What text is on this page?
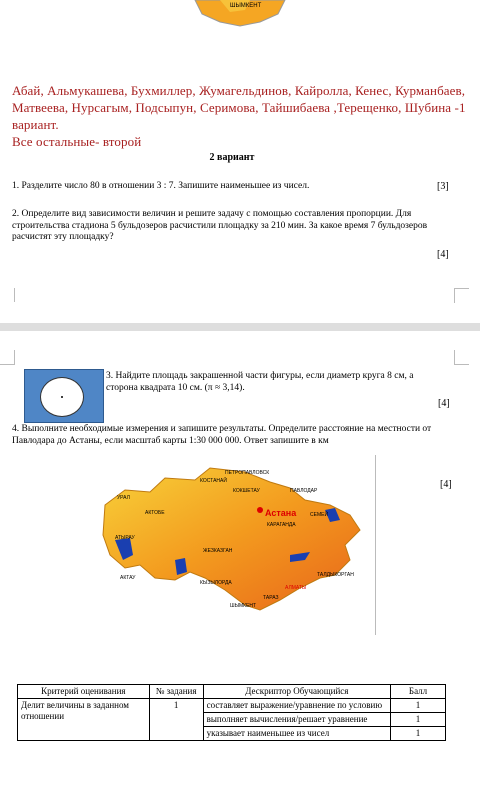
ШЫМКЕНТ
Абай, Альмукашева, Бухмиллер, Жумагельдинов, Кайролла, Кенес, Курманбаев, Матвеева, Нурсагым, Подсыпун, Серимова, Тайшибаева ,Терещенко, Шубина -1 вариант.
Все остальные- второй
2 вариант
1. Разделите число 80 в отношении 3 : 7. Запишите наименьшее из чисел.	[3]
2. Определите вид зависимости величин и решите задачу с помощью составления пропорции. Для строительства стадиона 5 бульдозеров расчистили площадку за 210 мин. За какое время 7 бульдозеров расчистят эту площадку?
[4]
3. Найдите площадь закрашенной части фигуры, если диаметр круга 8 см, а сторона квадрата 10 см. (π ≈ 3,14).
[4]
4. Выполните необходимые измерения и запишите результаты. Определите расстояние на местности от Павлодара до Астаны, если масштаб карты 1:30 000 000. Ответ запишите в км
[4]
Астана
ПЕТРОПАВЛОВСК
КОСТАНАЙ
КОКШЕТАУ	ПАВЛОДАР
УРАЛ
АКТОБЕ
КАРАГАНДА
СЕМЕЙ
АТЫРАУ
ЖЕЗКАЗГАН
АКТАУ
КЫЗЫЛОРДА
ТАЛДЫКОРГАН
АЛМАТЫ
ТАРАЗ
ШЫМКЕНТ
Критерий оценивания	№ задания	Дескриптор Обучающийся	Балл
Делит величины в заданном отношении	1	составляет выражение/уравнение по условию	1
		выполняет вычисления/решает уравнение	1
		указывает наименьшее из чисел	1
